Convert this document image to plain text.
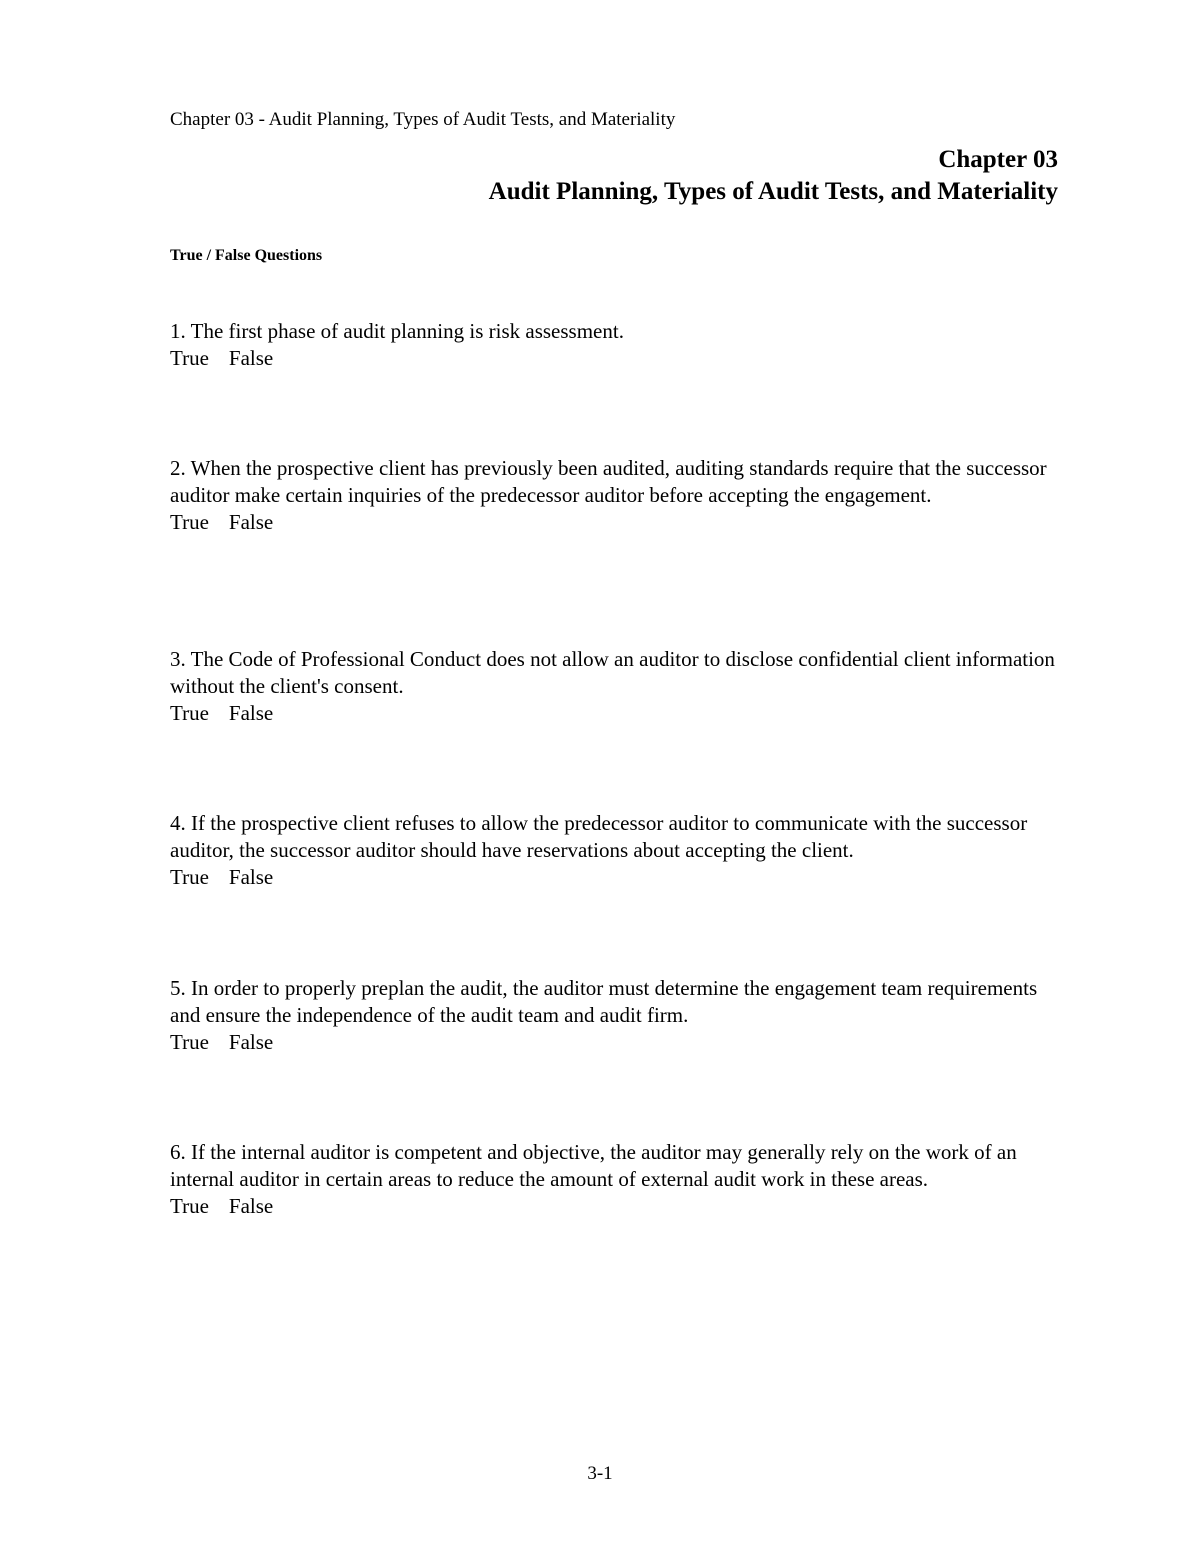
Chapter 03 - Audit Planning, Types of Audit Tests, and Materiality
Chapter 03
Audit Planning, Types of Audit Tests, and Materiality
True / False Questions
1. The first phase of audit planning is risk assessment.
True False
2. When the prospective client has previously been audited, auditing standards require that the successor auditor make certain inquiries of the predecessor auditor before accepting the engagement.
True False
3. The Code of Professional Conduct does not allow an auditor to disclose confidential client information without the client's consent.
True False
4. If the prospective client refuses to allow the predecessor auditor to communicate with the successor auditor, the successor auditor should have reservations about accepting the client.
True False
5. In order to properly preplan the audit, the auditor must determine the engagement team requirements and ensure the independence of the audit team and audit firm.
True False
6. If the internal auditor is competent and objective, the auditor may generally rely on the work of an internal auditor in certain areas to reduce the amount of external audit work in these areas.
True False
3-1
